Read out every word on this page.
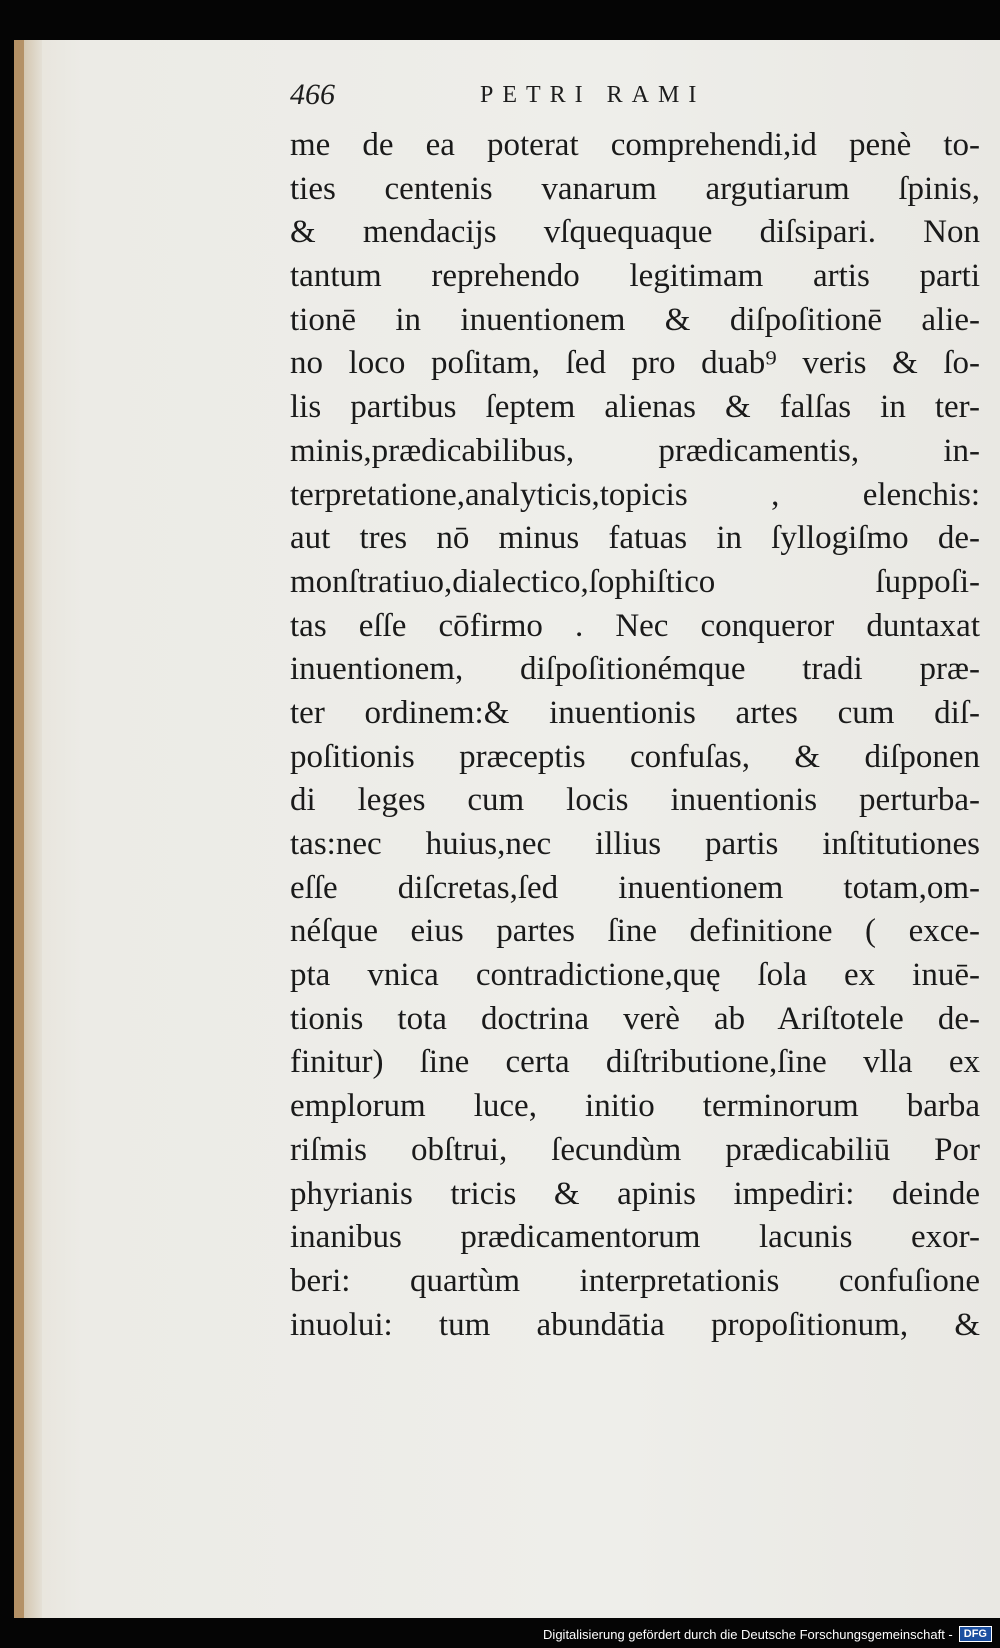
466	PETRI RAMI
me de ea poterat comprehendi,id penè to-
ties centenis vanarum argutiarum ſpinis,
& mendacijs vſquequaque diſsipari. Non
tantum reprehendo legitimam artis parti
tionē in inuentionem & diſpoſitionē alie-
no loco poſitam, ſed pro duab⁹ veris & ſo-
lis partibus ſeptem alienas & falſas in ter-
minis,prædicabilibus, prædicamentis, in-
terpretatione,analyticis,topicis , elenchis:
aut tres nō minus fatuas in ſyllogiſmo de-
monſtratiuo,dialectico,ſophiſtico ſuppoſi-
tas eſſe cōfirmo . Nec conqueror duntaxat
inuentionem, diſpoſitionémque tradi præ-
ter ordinem:& inuentionis artes cum diſ-
poſitionis præceptis confuſas, & diſponen
di leges cum locis inuentionis perturba-
tas:nec huius,nec illius partis inſtitutiones
eſſe diſcretas,ſed inuentionem totam,om-
néſque eius partes ſine definitione ( exce-
pta vnica contradictione,quę ſola ex inuē-
tionis tota doctrina verè ab Ariſtotele de-
finitur) ſine certa diſtributione,ſine vlla ex
emplorum luce, initio terminorum barba
riſmis obſtrui, ſecundùm prædicabiliū Por
phyrianis tricis & apinis impediri: deinde
inanibus prædicamentorum lacunis exor-
beri: quartùm interpretationis confuſione
inuolui: tum abundātia propoſitionum, &
Digitalisierung gefördert durch die Deutsche Forschungsgemeinschaft -	DFG
